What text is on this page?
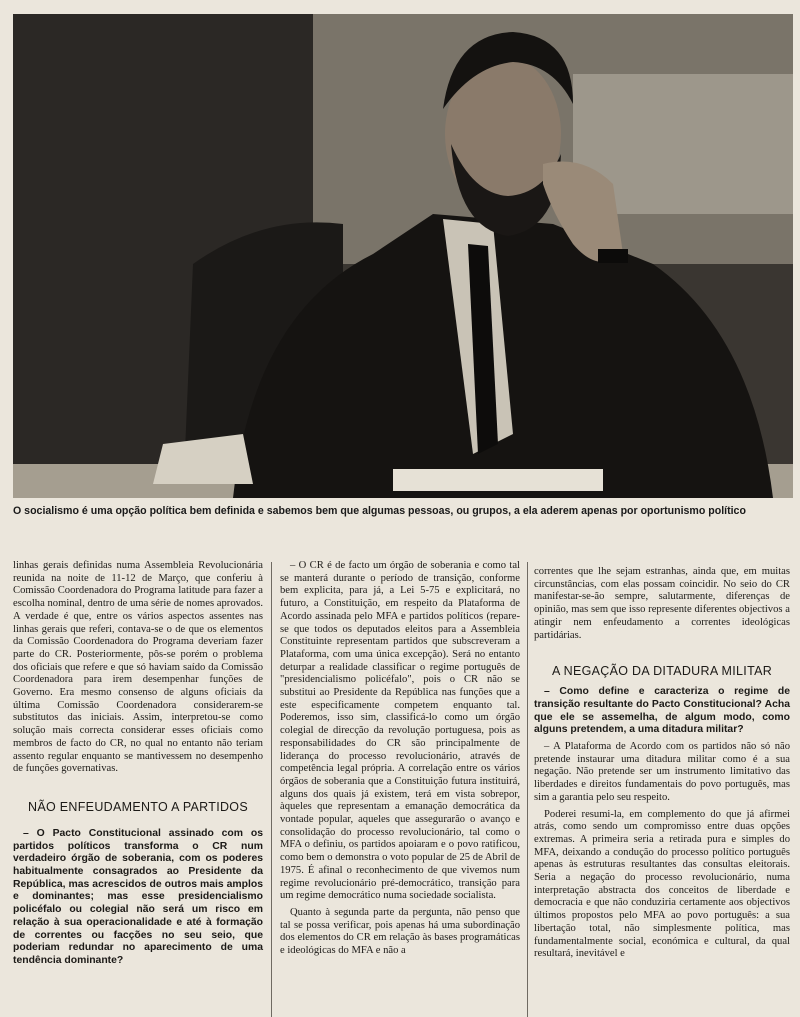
O socialismo é uma opção política bem definida e sabemos bem que algumas pessoas, ou grupos, a ela aderem apenas por oportunismo político

linhas gerais definidas numa Assembleia Revolucionária reunida na noite de 11-12 de Março, que conferiu à Comissão Coordenadora do Programa latitude para fazer a escolha nominal, dentro de uma série de nomes aprovados. A verdade é que, entre os vários aspectos assentes nas linhas gerais que referi, contava-se o de que os elementos da Comissão Coordenadora do Programa deveriam fazer parte do CR. Posteriormente, pôs-se porém o problema dos oficiais que refere e que só haviam saído da Comissão Coordenadora para irem desempenhar funções de Governo. Era mesmo consenso de alguns oficiais da última Comissão Coordenadora considerarem-se substitutos das iniciais. Assim, interpretou-se como solução mais correcta considerar esses oficiais como membros de facto do CR, no qual no entanto não teriam assento regular enquanto se mantivessem no desempenho de funções governativas.

NÃO ENFEUDAMENTO A PARTIDOS

– O Pacto Constitucional assinado com os partidos políticos transforma o CR num verdadeiro órgão de soberania, com os poderes habitualmente consagrados ao Presidente da República, mas acrescidos de outros mais amplos e dominantes; mas esse presidencialismo policéfalo ou colegial não será um risco em relação à sua operacionalidade e até à formação de correntes ou facções no seu seio, que poderiam redundar no aparecimento de uma tendência dominante?

– O CR é de facto um órgão de soberania e como tal se manterá durante o período de transição, conforme bem explicita, para já, a Lei 5-75 e explicitará, no futuro, a Constituição, em respeito da Plataforma de Acordo assinada pelo MFA e partidos políticos (repare-se que todos os deputados eleitos para a Assembleia Constituinte representam partidos que subscreveram a Plataforma, com uma única excepção). Será no entanto deturpar a realidade classificar o regime português de "presidencialismo policéfalo", pois o CR não se substitui ao Presidente da República nas funções que a este especificamente competem enquanto tal. Poderemos, isso sim, classificá-lo como um órgão colegial de direcção da revolução portuguesa, pois as responsabilidades do CR são principalmente de liderança do processo revolucionário, através de competência legal própria. A correlação entre os vários órgãos de soberania que a Constituição futura instituirá, alguns dos quais já existem, terá em vista sobrepor, àqueles que representam a emanação democrática da vontade popular, aqueles que assegurarão o avanço e consolidação do processo revolucionário, tal como o MFA o definiu, os partidos apoiaram e o povo ratificou, como bem o demonstra o voto popular de 25 de Abril de 1975. É afinal o reconhecimento de que vivemos num regime revolucionário pré-democrático, transição para um regime democrático numa sociedade socialista.

Quanto à segunda parte da pergunta, não penso que tal se possa verificar, pois apenas há uma subordinação dos elementos do CR em relação às bases programáticas e ideológicas do MFA e não a

correntes que lhe sejam estranhas, ainda que, em muitas circunstâncias, com elas possam coincidir. No seio do CR manifestar-se-ão sempre, salutarmente, diferenças de opinião, mas sem que isso represente diferentes objectivos a atingir nem enfeudamento a correntes ideológicas partidárias.

A NEGAÇÃO DA DITADURA MILITAR

– Como define e caracteriza o regime de transição resultante do Pacto Constitucional? Acha que ele se assemelha, de algum modo, como alguns pretendem, a uma ditadura militar?

– A Plataforma de Acordo com os partidos não só não pretende instaurar uma ditadura militar como é a sua negação. Não pretende ser um instrumento limitativo das liberdades e direitos fundamentais do povo português, mas sim a garantia pelo seu respeito.

Poderei resumi-la, em complemento do que já afirmei atrás, como sendo um compromisso entre duas opções extremas. A primeira seria a retirada pura e simples do MFA, deixando a condução do processo político português apenas às estruturas resultantes das consultas eleitorais. Seria a negação do processo revolucionário, numa interpretação abstracta dos conceitos de liberdade e democracia e que não conduziria certamente aos objectivos últimos propostos pelo MFA ao povo português: a sua libertação total, não simplesmente política, mas fundamentalmente social, económica e cultural, da qual resultará, inevitável e
